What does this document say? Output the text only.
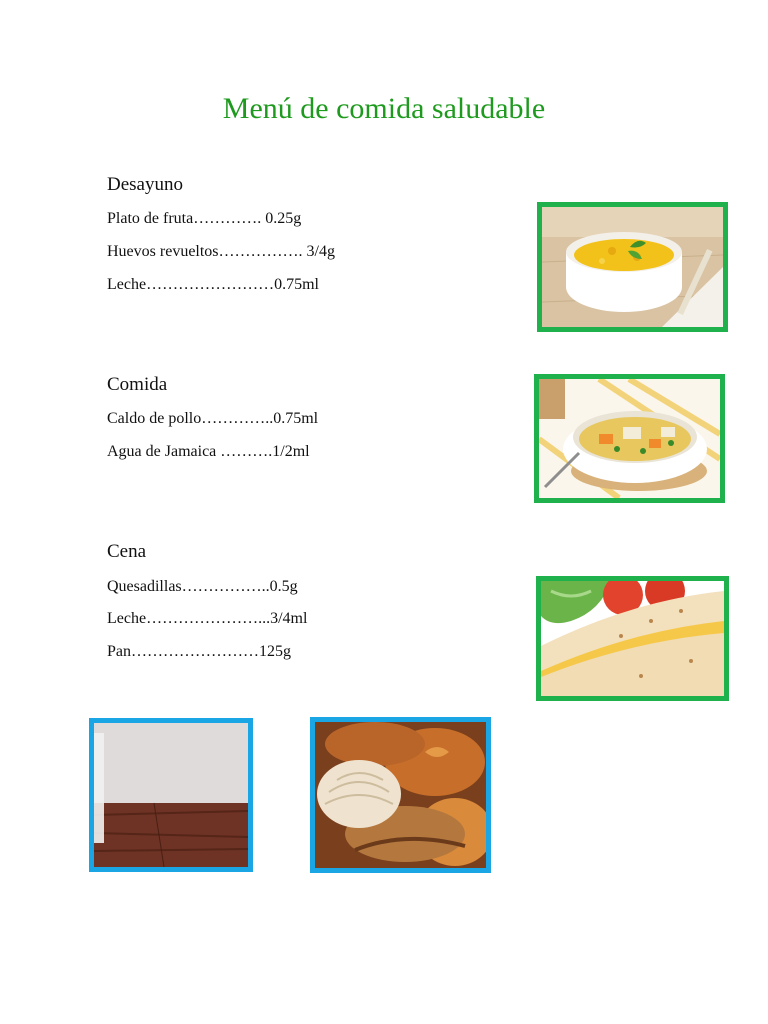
Menú de comida saludable
Desayuno
Plato de fruta…………. 0.25g
Huevos revueltos……………. 3/4g
Leche……………………0.75ml
Comida
Caldo de pollo…………..0.75ml
Agua de Jamaica ……….1/2ml
Cena
Quesadillas……………..0.5g
Leche…………………...3/4ml
Pan……………………125g
